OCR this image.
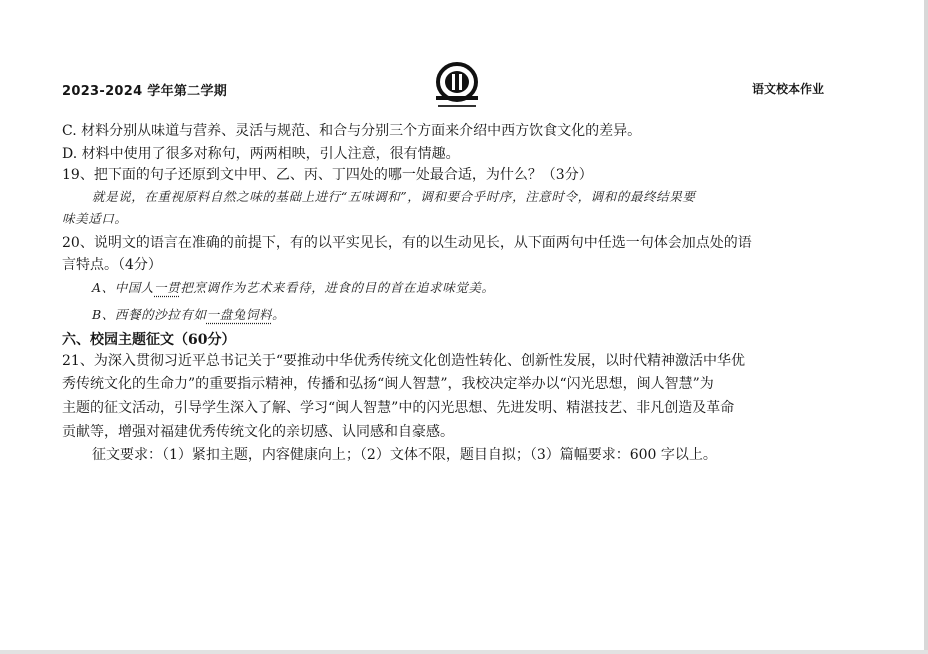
2023-2024 学年第二学期	语文校本作业
C. 材料分别从味道与营养、灵活与规范、和合与分别三个方面来介绍中西方饮食文化的差异。
D. 材料中使用了很多对称句，两两相映，引人注意，很有情趣。
19、把下面的句子还原到文中甲、乙、丙、丁四处的哪一处最合适，为什么？（3分）
就是说，在重视原料自然之味的基础上进行“五味调和”，调和要合乎时序，注意时令，调和的最终结果要
味美适口。
20、说明文的语言在准确的前提下，有的以平实见长，有的以生动见长，从下面两句中任选一句体会加点处的语
言特点。（4分）
A、中国人一贯把烹调作为艺术来看待，进食的目的首在追求味觉美。
B、西餐的沙拉有如一盘兔饲料。
六、校园主题征文（60分）
21、为深入贯彻习近平总书记关于“要推动中华优秀传统文化创造性转化、创新性发展，以时代精神激活中华优
秀传统文化的生命力”的重要指示精神，传播和弘扬“闽人智慧”，我校决定举办以“闪光思想，闽人智慧”为
主题的征文活动，引导学生深入了解、学习“闽人智慧”中的闪光思想、先进发明、精湛技艺、非凡创造及革命
贡献等，增强对福建优秀传统文化的亲切感、认同感和自豪感。
征文要求：（1）紧扣主题，内容健康向上；（2）文体不限，题目自拟；（3）篇幅要求：600 字以上。
